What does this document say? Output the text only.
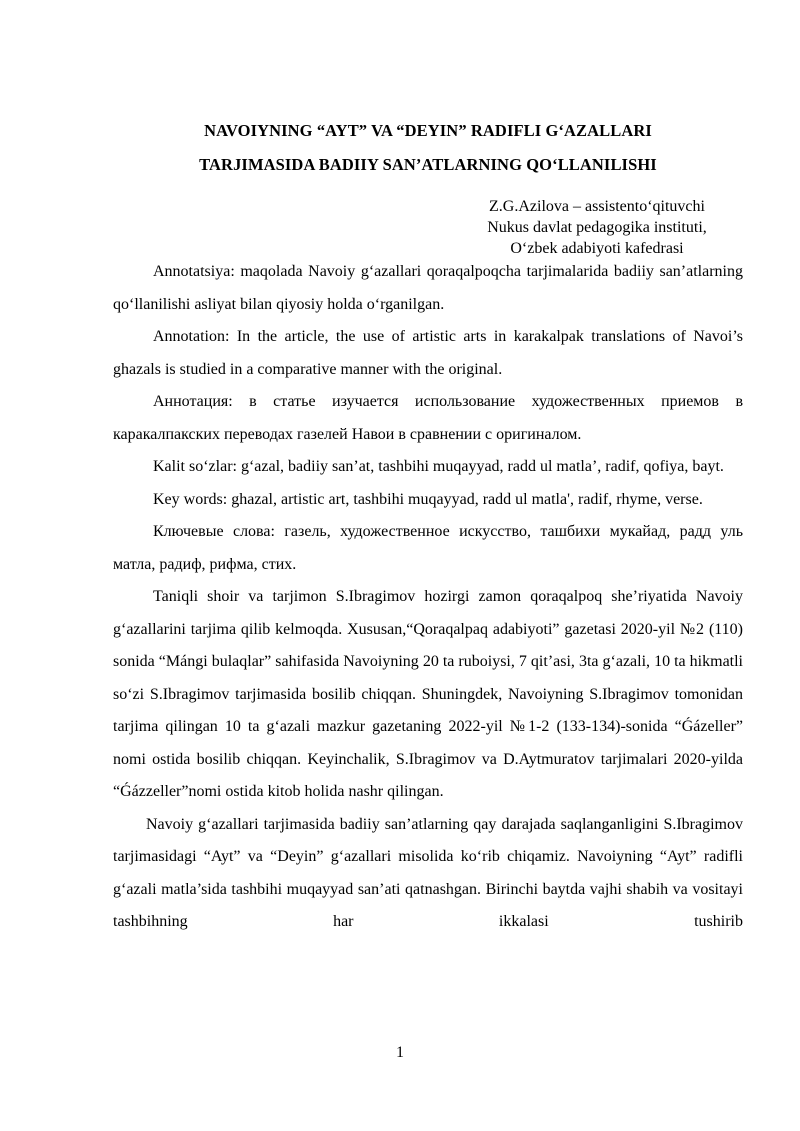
NAVOIYNING “AYT” VA “DEYIN” RADIFLI G‘AZALLARI
TARJIMASIDA BADIIY SAN’ATLARNING QO‘LLANILISHI
Z.G.Azilova – assistento‘qituvchi
Nukus davlat pedagogika instituti,
O‘zbek adabiyoti kafedrasi

Annotatsiya: maqolada Navoiy g‘azallari qoraqalpoqcha tarjimalarida badiiy san’atlarning qo‘llanilishi asliyat bilan qiyosiy holda o‘rganilgan.

Annotation: In the article, the use of artistic arts in karakalpak translations of Navoi’s ghazals is studied in a comparative manner with the original.

Аннотация: в статье изучается использование художественных приемов в каракалпакских переводах газелей Навои в сравнении с оригиналом.

Kalit so‘zlar: g‘azal, badiiy san’at, tashbihi muqayyad, radd ul matla’, radif, qofiya, bayt.

Key words: ghazal, artistic art, tashbihi muqayyad, radd ul matla', radif, rhyme, verse.

Ключевые слова: газель, художественное искусство, ташбихи мукайад, радд уль матла, радиф, рифма, стих.

Taniqli shoir va tarjimon S.Ibragimov hozirgi zamon qoraqalpoq she’riyatida Navoiy g‘azallarini tarjima qilib kelmoqda. Xususan,“Qoraqalpaq adabiyoti” gazetasi 2020-yil №2 (110) sonida “Mángi bulaqlar” sahifasida Navoiyning 20 ta ruboiysi, 7 qit’asi, 3ta g‘azali, 10 ta hikmatli so‘zi S.Ibragimov tarjimasida bosilib chiqqan. Shuningdek, Navoiyning S.Ibragimov tomonidan tarjima qilingan 10 ta g‘azali mazkur gazetaning 2022-yil №1-2 (133-134)-sonida “Ǵázeller” nomi ostida bosilib chiqqan. Keyinchalik, S.Ibragimov va D.Aytmuratov tarjimalari 2020-yilda “Ǵázzeller”nomi ostida kitob holida nashr qilingan.

Navoiy g‘azallari tarjimasida badiiy san’atlarning qay darajada saqlanganligini S.Ibragimov tarjimasidagi “Ayt” va “Deyin” g‘azallari misolida ko‘rib chiqamiz. Navoiyning “Ayt” radifli g‘azali matla’sida tashbihi muqayyad san’ati qatnashgan. Birinchi baytda vajhi shabih va vositayi tashbihning har ikkalasi tushirib

1
